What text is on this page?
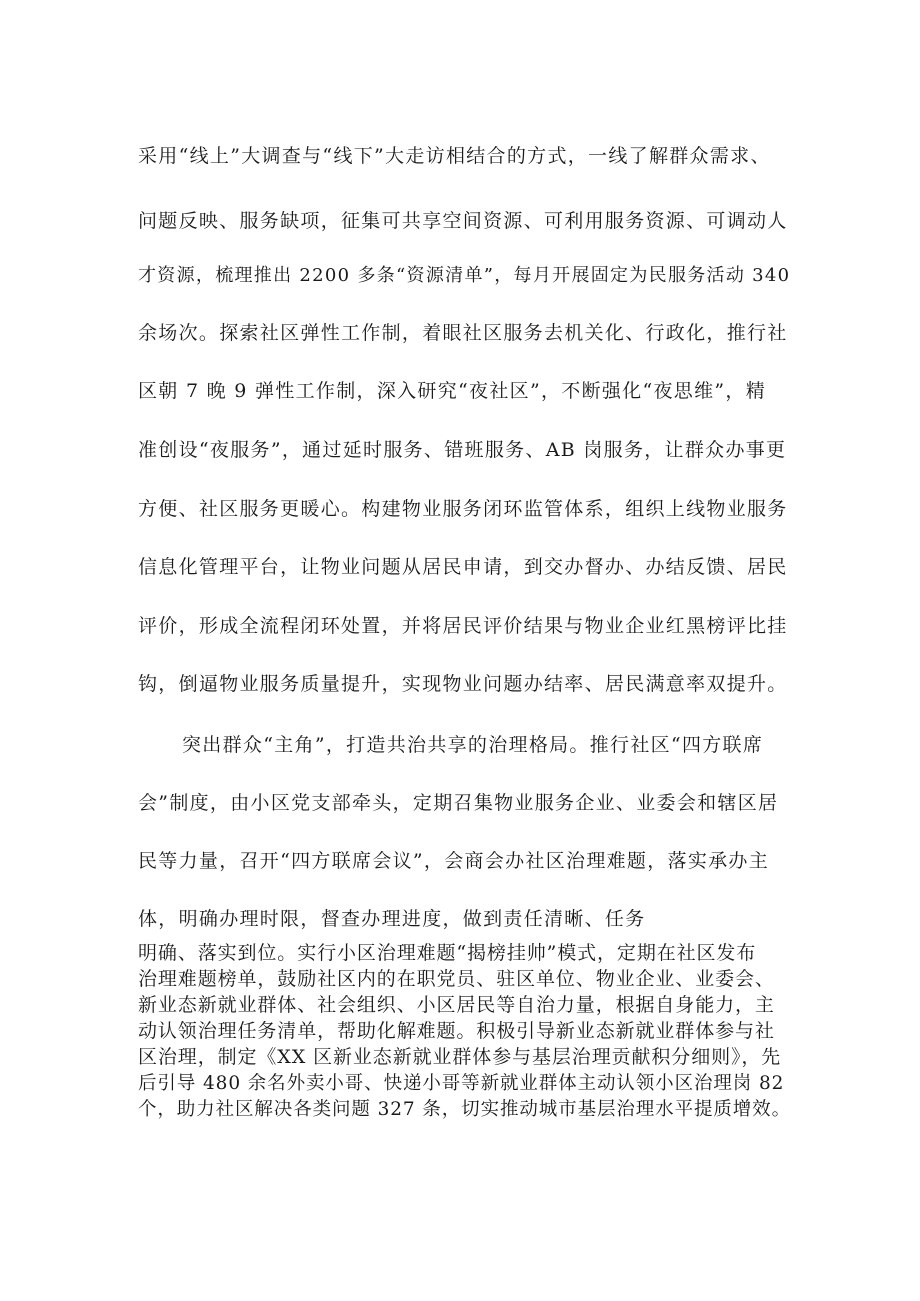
采用“线上”大调查与“线下”大走访相结合的方式，一线了解群众需求、
问题反映、服务缺项，征集可共享空间资源、可利用服务资源、可调动人
才资源，梳理推出 2200 多条“资源清单”，每月开展固定为民服务活动 340
余场次。探索社区弹性工作制，着眼社区服务去机关化、行政化，推行社
区朝 7 晚 9 弹性工作制，深入研究“夜社区”，不断强化“夜思维”，精
准创设“夜服务”，通过延时服务、错班服务、AB 岗服务，让群众办事更
方便、社区服务更暖心。构建物业服务闭环监管体系，组织上线物业服务
信息化管理平台，让物业问题从居民申请，到交办督办、办结反馈、居民
评价，形成全流程闭环处置，并将居民评价结果与物业企业红黑榜评比挂
钩，倒逼物业服务质量提升，实现物业问题办结率、居民满意率双提升。
突出群众“主角”，打造共治共享的治理格局。推行社区“四方联席
会”制度，由小区党支部牵头，定期召集物业服务企业、业委会和辖区居
民等力量，召开“四方联席会议”，会商会办社区治理难题，落实承办主
体，明确办理时限，督查办理进度，做到责任清晰、任务
明确、落实到位。实行小区治理难题“揭榜挂帅”模式，定期在社区发布
治理难题榜单，鼓励社区内的在职党员、驻区单位、物业企业、业委会、
新业态新就业群体、社会组织、小区居民等自治力量，根据自身能力，主
动认领治理任务清单，帮助化解难题。积极引导新业态新就业群体参与社
区治理，制定《XX 区新业态新就业群体参与基层治理贡献积分细则》，先
后引导 480 余名外卖小哥、快递小哥等新就业群体主动认领小区治理岗 82
个，助力社区解决各类问题 327 条，切实推动城市基层治理水平提质增效。
